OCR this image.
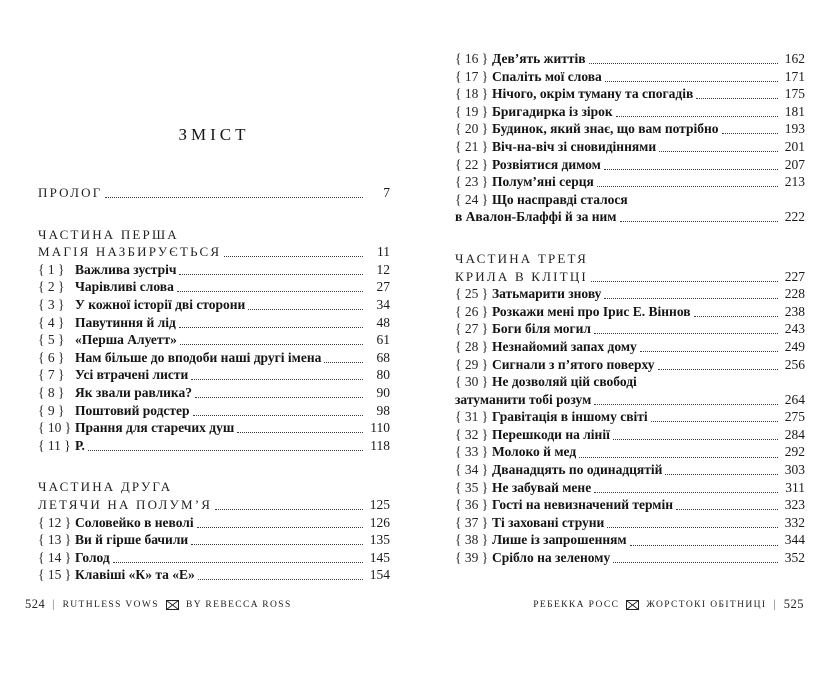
ЗМІСТ
ПРОЛОГ	7
ЧАСТИНА ПЕРША
МАГІЯ НАЗБИРУЄТЬСЯ	11
{ 1 } Важлива зустріч	12
{ 2 } Чарівливі слова	27
{ 3 } У кожної історії дві сторони	34
{ 4 } Павутиння й лід	48
{ 5 } «Перша Алуетт»	61
{ 6 } Нам більше до вподоби наші другі імена	68
{ 7 } Усі втрачені листи	80
{ 8 } Як звали равлика?	90
{ 9 } Поштовий родстер	98
{ 10 } Прання для старечих душ	110
{ 11 } Р.	118
ЧАСТИНА ДРУГА
ЛЕТЯЧИ НА ПОЛУМ’Я	125
{ 12 } Соловейко в неволі	126
{ 13 } Ви й гірше бачили	135
{ 14 } Голод	145
{ 15 } Клавіші «К» та «Е»	154
{ 16 } Дев’ять життів	162
{ 17 } Спаліть мої слова	171
{ 18 } Нічого, окрім туману та спогадів	175
{ 19 } Бригадирка із зірок	181
{ 20 } Будинок, який знає, що вам потрібно	193
{ 21 } Віч-на-віч зі сновидіннями	201
{ 22 } Розвіятися димом	207
{ 23 } Полум’яні серця	213
{ 24 } Що насправді сталося
в Авалон-Блаффі й за ним	222
ЧАСТИНА ТРЕТЯ
КРИЛА В КЛІТЦІ	227
{ 25 } Затьмарити знову	228
{ 26 } Розкажи мені про Ірис Е. Віннов	238
{ 27 } Боги біля могил	243
{ 28 } Незнайомий запах дому	249
{ 29 } Сигнали з п’ятого поверху	256
{ 30 } Не дозволяй цій свободі
затуманити тобі розум	264
{ 31 } Гравітація в іншому світі	275
{ 32 } Перешкоди на лінії	284
{ 33 } Молоко й мед	292
{ 34 } Дванадцять по одинадцятій	303
{ 35 } Не забувай мене	311
{ 36 } Гості на невизначений термін	323
{ 37 } Ті заховані струни	332
{ 38 } Лише із запрошенням	344
{ 39 } Срібло на зеленому	352
524 | RUTHLESS VOWS	BY REBECCA ROSS	РЕБЕККА РОСС	ЖОРСТОКІ ОБІТНИЦІ | 525
